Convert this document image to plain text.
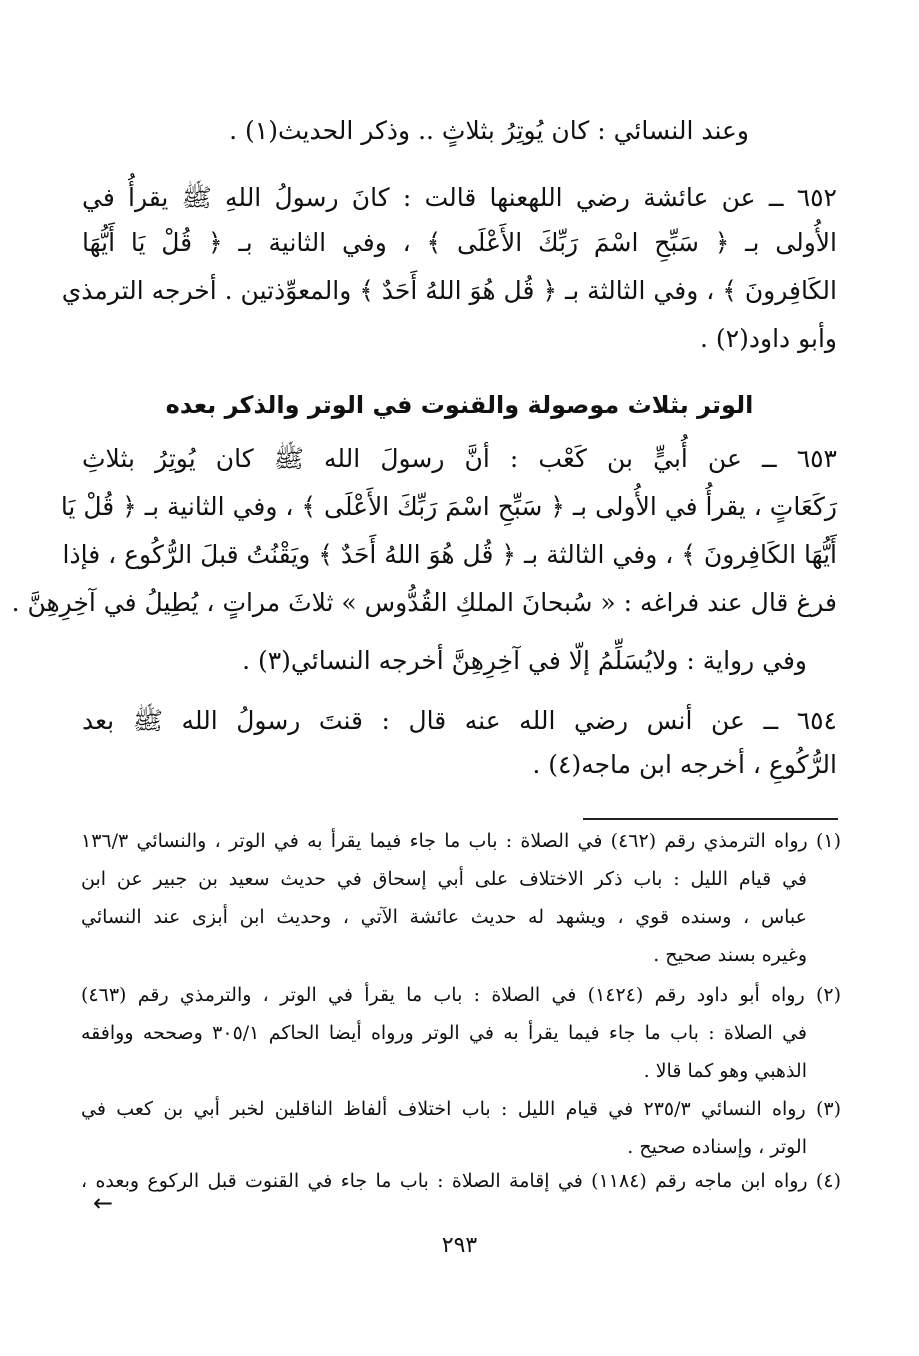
وعند النسائي : كان يُوتِرُ بثلاثٍ .. وذكر الحديث(١) .
٦٥٢ ــ عن عائشة رضي اللهعنها قالت : كانَ رسولُ اللهِ ﷺ يقرأُ في
الأُولى بـ ﴿ سَبِّحِ اسْمَ رَبِّكَ الأَعْلَى ﴾ ، وفي الثانية بـ ﴿ قُلْ يَا أَيُّهَا
الكَافِرونَ ﴾ ، وفي الثالثة بـ ﴿ قُل هُوَ اللهُ أَحَدٌ ﴾ والمعوِّذتين . أخرجه الترمذي
وأبو داود(٢) .
الوتر بثلاث موصولة والقنوت في الوتر والذكر بعده
٦٥٣ ــ عن أُبيٍّ بن كَعْب : أنَّ رسولَ الله ﷺ كان يُوتِرُ بثلاثِ
رَكَعَاتٍ ، يقرأُ في الأُولى بـ ﴿ سَبِّحِ اسْمَ رَبِّكَ الأَعْلَى ﴾ ، وفي الثانية بـ ﴿ قُلْ يَا
أَيُّهَا الكَافِرونَ ﴾ ، وفي الثالثة بـ ﴿ قُل هُوَ اللهُ أَحَدٌ ﴾ ويَقْنُتُ قبلَ الرُّكُوع ، فإذا
فرغ قال عند فراغه : « سُبحانَ الملكِ القُدُّوس » ثلاثَ مراتٍ ، يُطِيلُ في آخِرِهِنَّ .
وفي رواية : ولايُسَلِّمُ إلّا في آخِرِهِنَّ أخرجه النسائي(٣) .
٦٥٤ ــ عن أنس رضي الله عنه قال : قنتَ رسولُ الله ﷺ بعد
الرُّكُوعِ ، أخرجه ابن ماجه(٤) .
(١) رواه الترمذي رقم (٤٦٢) في الصلاة : باب ما جاء فيما يقرأ به في الوتر ، والنسائي ١٣٦/٣
في قيام الليل : باب ذكر الاختلاف على أبي إسحاق في حديث سعيد بن جبير عن ابن
عباس ، وسنده قوي ، ويشهد له حديث عائشة الآتي ، وحديث ابن أبزى عند النسائي
وغيره بسند صحيح .
(٢) رواه أبو داود رقم (١٤٢٤) في الصلاة : باب ما يقرأ في الوتر ، والترمذي رقم (٤٦٣)
في الصلاة : باب ما جاء فيما يقرأ به في الوتر ورواه أيضا الحاكم ٣٠٥/١ وصححه ووافقه
الذهبي وهو كما قالا .
(٣) رواه النسائي ٢٣٥/٣ في قيام الليل : باب اختلاف ألفاظ الناقلين لخبر أبي بن كعب في
الوتر ، وإسناده صحيح .
(٤) رواه ابن ماجه رقم (١١٨٤) في إقامة الصلاة : باب ما جاء في القنوت قبل الركوع وبعده ،
←
٢٩٣
